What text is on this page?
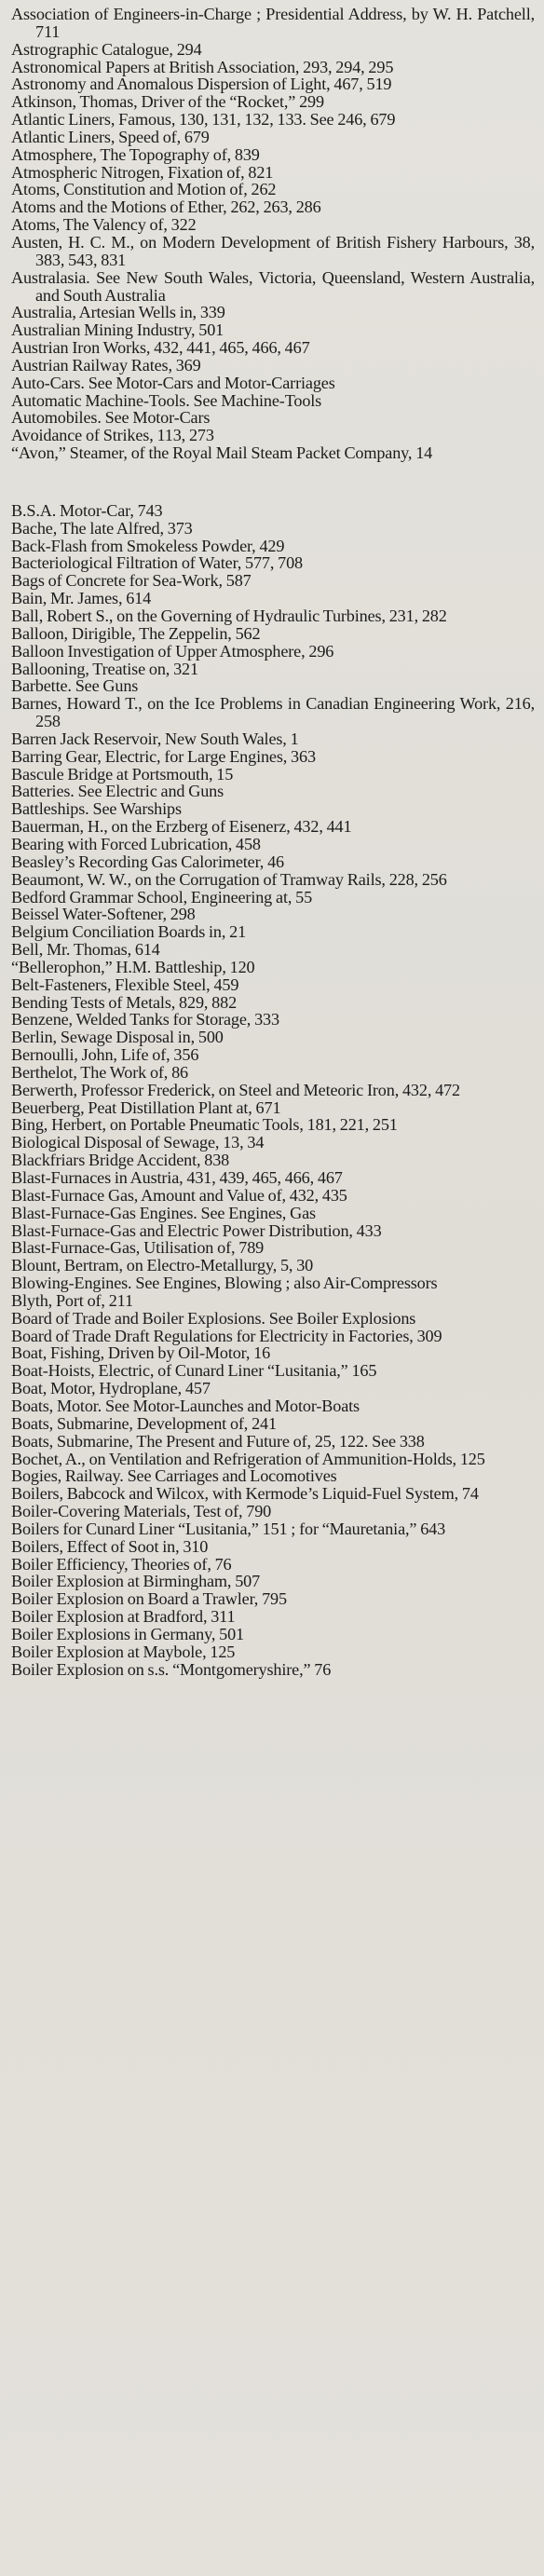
Association of Engineers-in-Charge ; Presidential Address, by W. H. Patchell, 711
Astrographic Catalogue, 294
Astronomical Papers at British Association, 293, 294, 295
Astronomy and Anomalous Dispersion of Light, 467, 519
Atkinson, Thomas, Driver of the “Rocket,” 299
Atlantic Liners, Famous, 130, 131, 132, 133. See 246, 679
Atlantic Liners, Speed of, 679
Atmosphere, The Topography of, 839
Atmospheric Nitrogen, Fixation of, 821
Atoms, Constitution and Motion of, 262
Atoms and the Motions of Ether, 262, 263, 286
Atoms, The Valency of, 322
Austen, H. C. M., on Modern Development of British Fishery Harbours, 38, 383, 543, 831
Australasia. See New South Wales, Victoria, Queensland, Western Australia, and South Australia
Australia, Artesian Wells in, 339
Australian Mining Industry, 501
Austrian Iron Works, 432, 441, 465, 466, 467
Austrian Railway Rates, 369
Auto-Cars. See Motor-Cars and Motor-Carriages
Automatic Machine-Tools. See Machine-Tools
Automobiles. See Motor-Cars
Avoidance of Strikes, 113, 273
“Avon,” Steamer, of the Royal Mail Steam Packet Company, 14
B.S.A. Motor-Car, 743
Bache, The late Alfred, 373
Back-Flash from Smokeless Powder, 429
Bacteriological Filtration of Water, 577, 708
Bags of Concrete for Sea-Work, 587
Bain, Mr. James, 614
Ball, Robert S., on the Governing of Hydraulic Turbines, 231, 282
Balloon, Dirigible, The Zeppelin, 562
Balloon Investigation of Upper Atmosphere, 296
Ballooning, Treatise on, 321
Barbette. See Guns
Barnes, Howard T., on the Ice Problems in Canadian Engineering Work, 216, 258
Barren Jack Reservoir, New South Wales, 1
Barring Gear, Electric, for Large Engines, 363
Bascule Bridge at Portsmouth, 15
Batteries. See Electric and Guns
Battleships. See Warships
Bauerman, H., on the Erzberg of Eisenerz, 432, 441
Bearing with Forced Lubrication, 458
Beasley’s Recording Gas Calorimeter, 46
Beaumont, W. W., on the Corrugation of Tramway Rails, 228, 256
Bedford Grammar School, Engineering at, 55
Beissel Water-Softener, 298
Belgium Conciliation Boards in, 21
Bell, Mr. Thomas, 614
“Bellerophon,” H.M. Battleship, 120
Belt-Fasteners, Flexible Steel, 459
Bending Tests of Metals, 829, 882
Benzene, Welded Tanks for Storage, 333
Berlin, Sewage Disposal in, 500
Bernoulli, John, Life of, 356
Berthelot, The Work of, 86
Berwerth, Professor Frederick, on Steel and Meteoric Iron, 432, 472
Beuerberg, Peat Distillation Plant at, 671
Bing, Herbert, on Portable Pneumatic Tools, 181, 221, 251
Biological Disposal of Sewage, 13, 34
Blackfriars Bridge Accident, 838
Blast-Furnaces in Austria, 431, 439, 465, 466, 467
Blast-Furnace Gas, Amount and Value of, 432, 435
Blast-Furnace-Gas Engines. See Engines, Gas
Blast-Furnace-Gas and Electric Power Distribution, 433
Blast-Furnace-Gas, Utilisation of, 789
Blount, Bertram, on Electro-Metallurgy, 5, 30
Blowing-Engines. See Engines, Blowing ; also Air-Compressors
Blyth, Port of, 211
Board of Trade and Boiler Explosions. See Boiler Explosions
Board of Trade Draft Regulations for Electricity in Factories, 309
Boat, Fishing, Driven by Oil-Motor, 16
Boat-Hoists, Electric, of Cunard Liner “Lusitania,” 165
Boat, Motor, Hydroplane, 457
Boats, Motor. See Motor-Launches and Motor-Boats
Boats, Submarine, Development of, 241
Boats, Submarine, The Present and Future of, 25, 122. See 338
Bochet, A., on Ventilation and Refrigeration of Ammunition-Holds, 125
Bogies, Railway. See Carriages and Locomotives
Boilers, Babcock and Wilcox, with Kermode’s Liquid-Fuel System, 74
Boiler-Covering Materials, Test of, 790
Boilers for Cunard Liner “Lusitania,” 151 ; for “Mauretania,” 643
Boilers, Effect of Soot in, 310
Boiler Efficiency, Theories of, 76
Boiler Explosion at Birmingham, 507
Boiler Explosion on Board a Trawler, 795
Boiler Explosion at Bradford, 311
Boiler Explosions in Germany, 501
Boiler Explosion at Maybole, 125
Boiler Explosion on s.s. “Montgomeryshire,” 76
